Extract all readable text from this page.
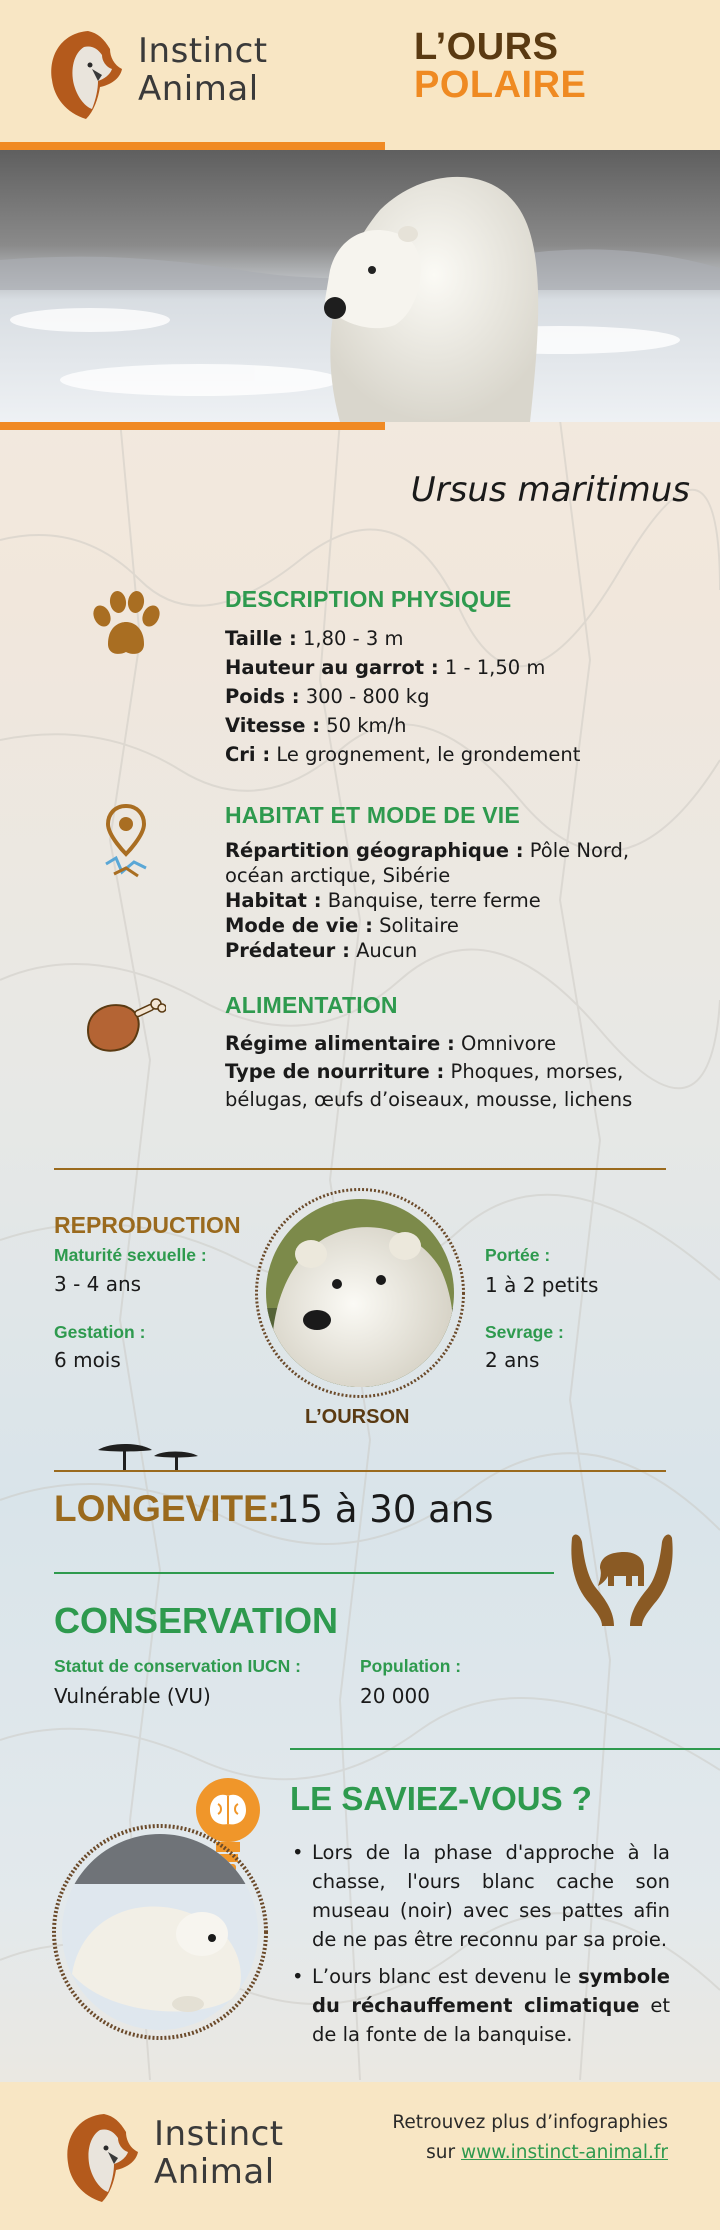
Instinct
Animal
L’OURS
POLAIRE
Ursus maritimus
DESCRIPTION PHYSIQUE
Taille : 1,80 - 3 m
Hauteur au garrot : 1 - 1,50 m
Poids : 300 - 800 kg
Vitesse : 50 km/h
Cri : Le grognement, le grondement
HABITAT ET MODE DE VIE
Répartition géographique : Pôle Nord, océan arctique, Sibérie
Habitat : Banquise, terre ferme
Mode de vie : Solitaire
Prédateur : Aucun
ALIMENTATION
Régime alimentaire : Omnivore
Type de nourriture : Phoques, morses, bélugas, œufs d’oiseaux, mousse, lichens
REPRODUCTION
Maturité sexuelle :
3 - 4 ans
Gestation :
6 mois
L’OURSON
Portée :
1 à 2 petits
Sevrage :
2 ans
LONGEVITE:
15 à 30 ans
CONSERVATION
Statut de conservation IUCN :
Vulnérable (VU)
Population :
20 000
LE SAVIEZ-VOUS ?
• Lors de la phase d'approche à la chasse, l'ours blanc cache son museau (noir) avec ses pattes afin de ne pas être reconnu par sa proie.
• L’ours blanc est devenu le symbole du réchauffement climatique et de la fonte de la banquise.
Instinct
Animal
Retrouvez plus d’infographies
sur www.instinct-animal.fr
